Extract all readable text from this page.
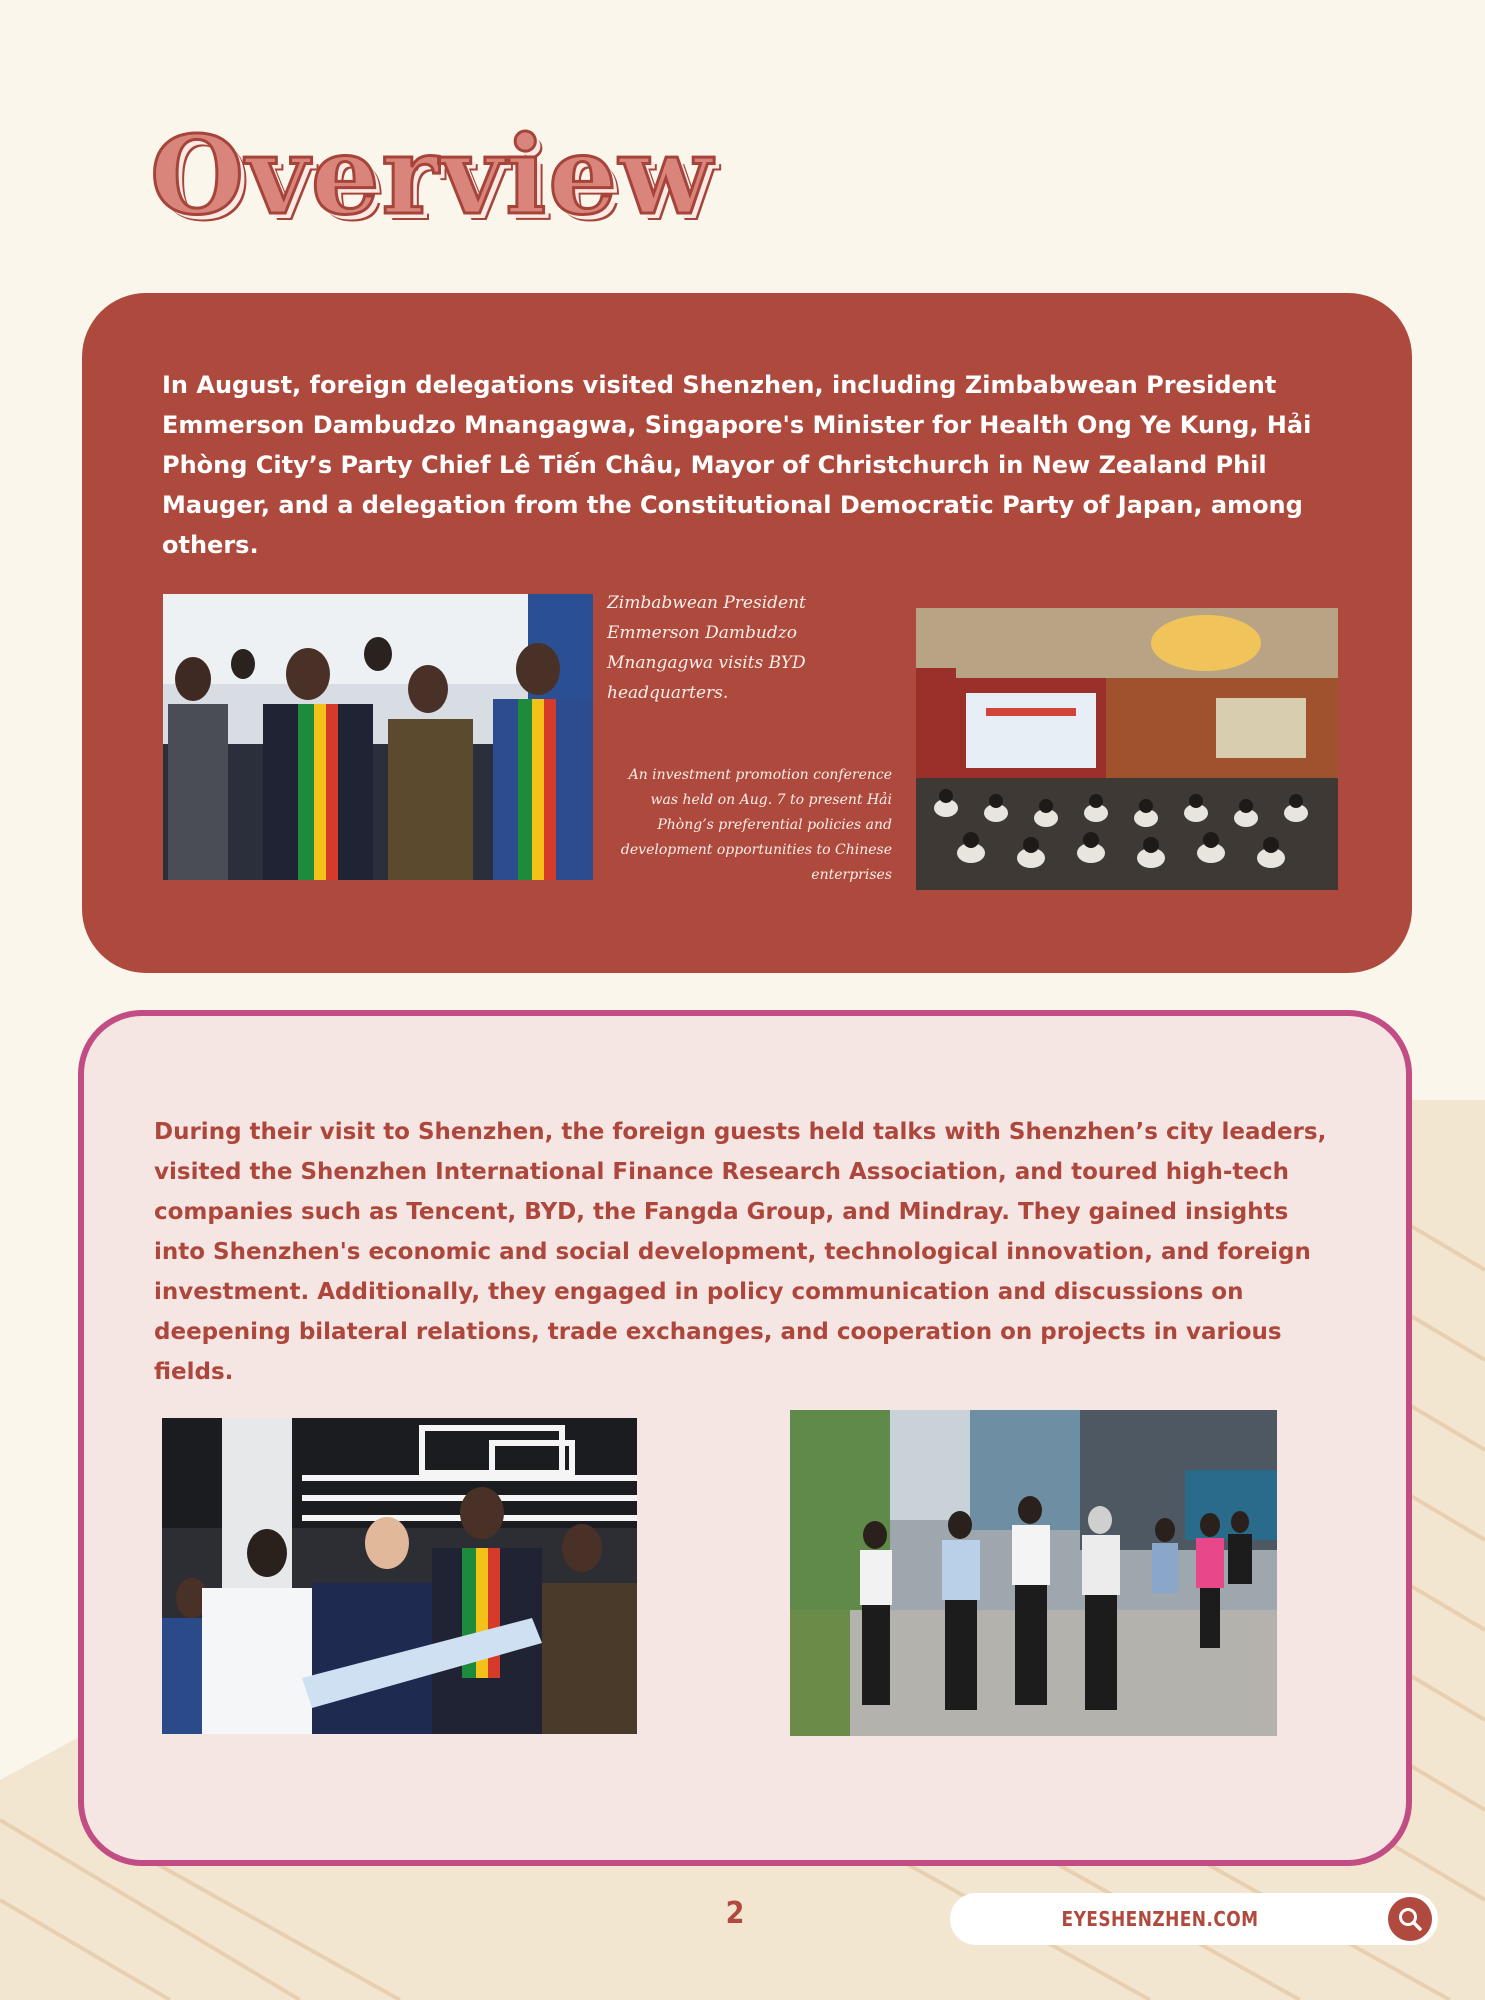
Overview
In August, foreign delegations visited Shenzhen, including Zimbabwean President Emmerson Dambudzo Mnangagwa, Singapore's Minister for Health Ong Ye Kung, Hải Phòng City’s Party Chief Lê Tiến Châu, Mayor of Christchurch in New Zealand Phil Mauger, and a delegation from the Constitutional Democratic Party of Japan, among others.
Zimbabwean President Emmerson Dambudzo Mnangagwa visits BYD headquarters.
An investment promotion conference was held on Aug. 7 to present Hải Phòng’s preferential policies and development opportunities to Chinese enterprises
During their visit to Shenzhen, the foreign guests held talks with Shenzhen’s city leaders, visited the Shenzhen International Finance Research Association, and toured high-tech companies such as Tencent, BYD, the Fangda Group, and Mindray. They gained insights into Shenzhen's economic and social development, technological innovation, and foreign investment. Additionally, they engaged in policy communication and discussions on deepening bilateral relations, trade exchanges, and cooperation on projects in various fields.
2	EYESHENZHEN.COM
